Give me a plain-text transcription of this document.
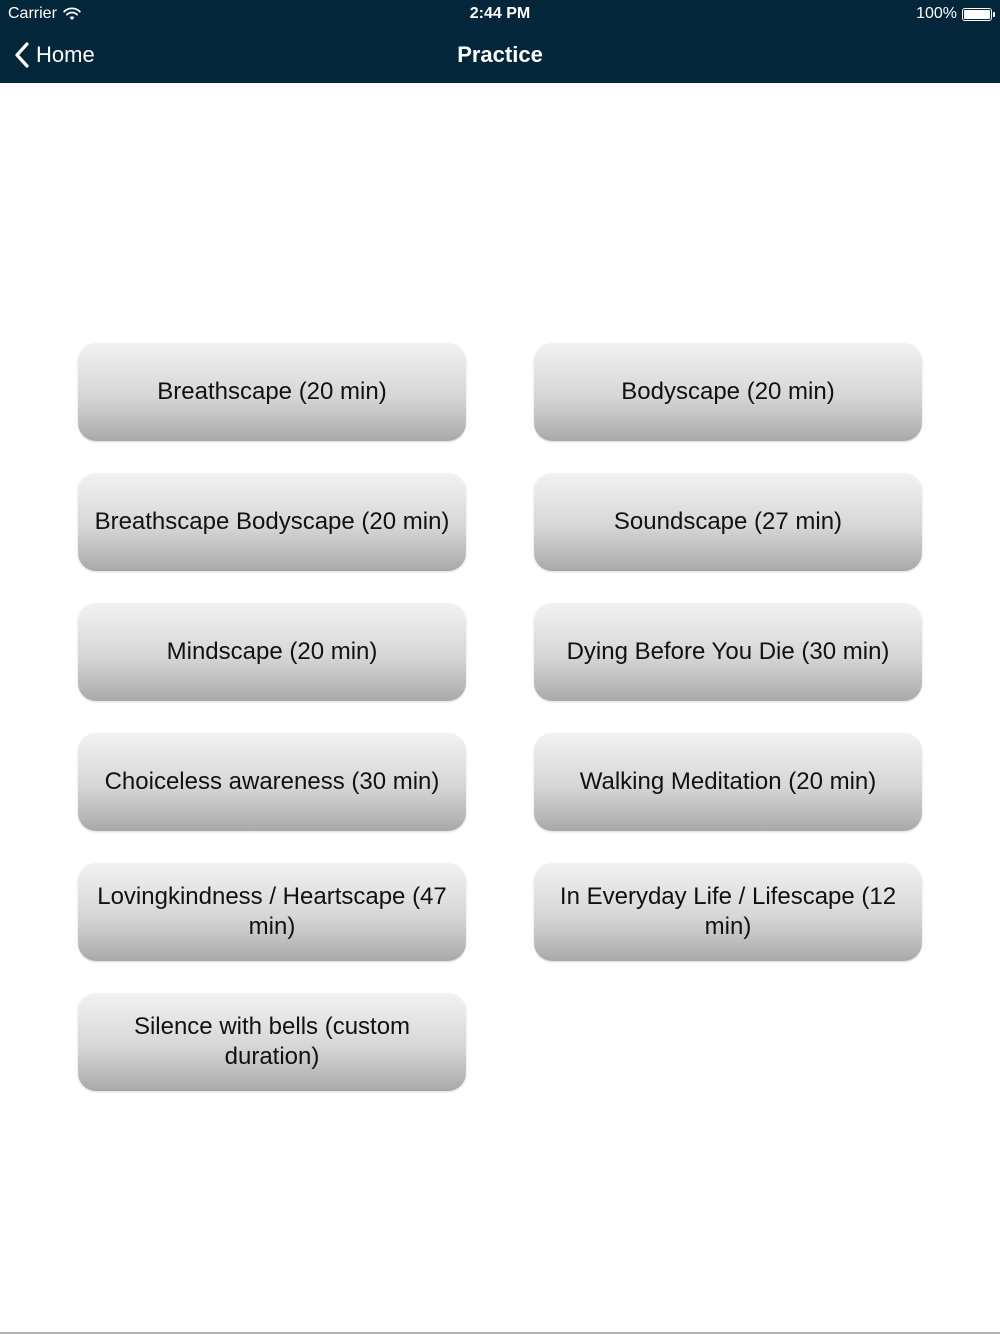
Carrier	2:44 PM	100%
Home	Practice
Breathscape (20 min)	Bodyscape (20 min)
Breathscape Bodyscape (20 min)	Soundscape (27 min)
Mindscape (20 min)	Dying Before You Die (30 min)
Choiceless awareness (30 min)	Walking Meditation (20 min)
Lovingkindness / Heartscape (47 min)
In Everyday Life / Lifescape (12 min)
Silence with bells (custom duration)
